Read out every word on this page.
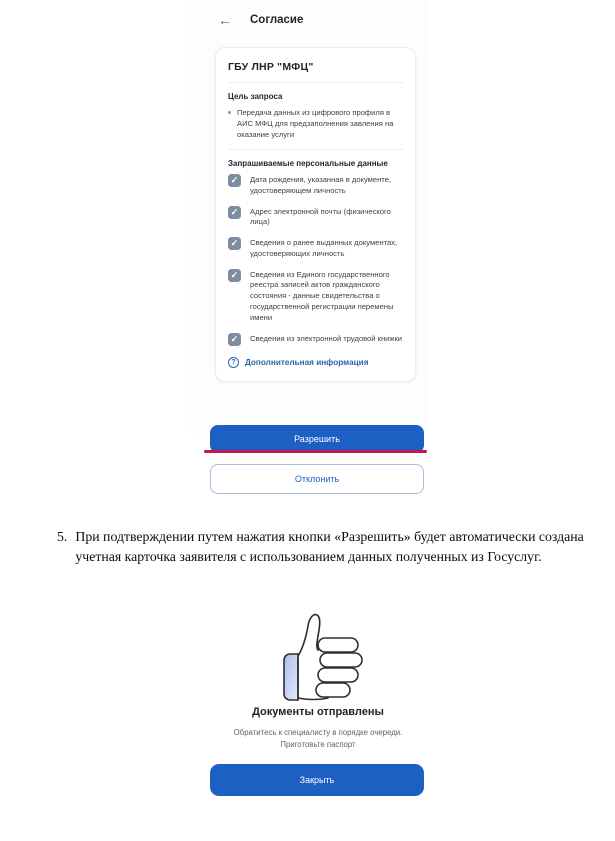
← Согласие
ГБУ ЛНР "МФЦ"
Цель запроса
Передача данных из цифрового профиля в АИС МФЦ для предзаполнения завления на оказание услуги
Запрашиваемые персональные данные
✓	Дата рождения, указанная в документе, удостоверяющем личность
✓	Адрес электронной почты (физического лица)
✓	Сведения о ранее выданных документах, удостоверяющих личность
✓	Сведения из Единого государственного реестра записей актов гражданского состояния - данные свидетельства о государственной регистрации перемены имени
✓	Сведения из электронной трудовой книжки
?	Дополнительная информация
Разрешить
Отклонить
5. При подтверждении путем нажатия кнопки «Разрешить» будет автоматически создана учетная карточка заявителя с использованием данных полученных из Госуслуг.
Документы отправлены
Обратитесь к специалисту в порядке очереди.
Приготовьте паспорт
Закрыть
